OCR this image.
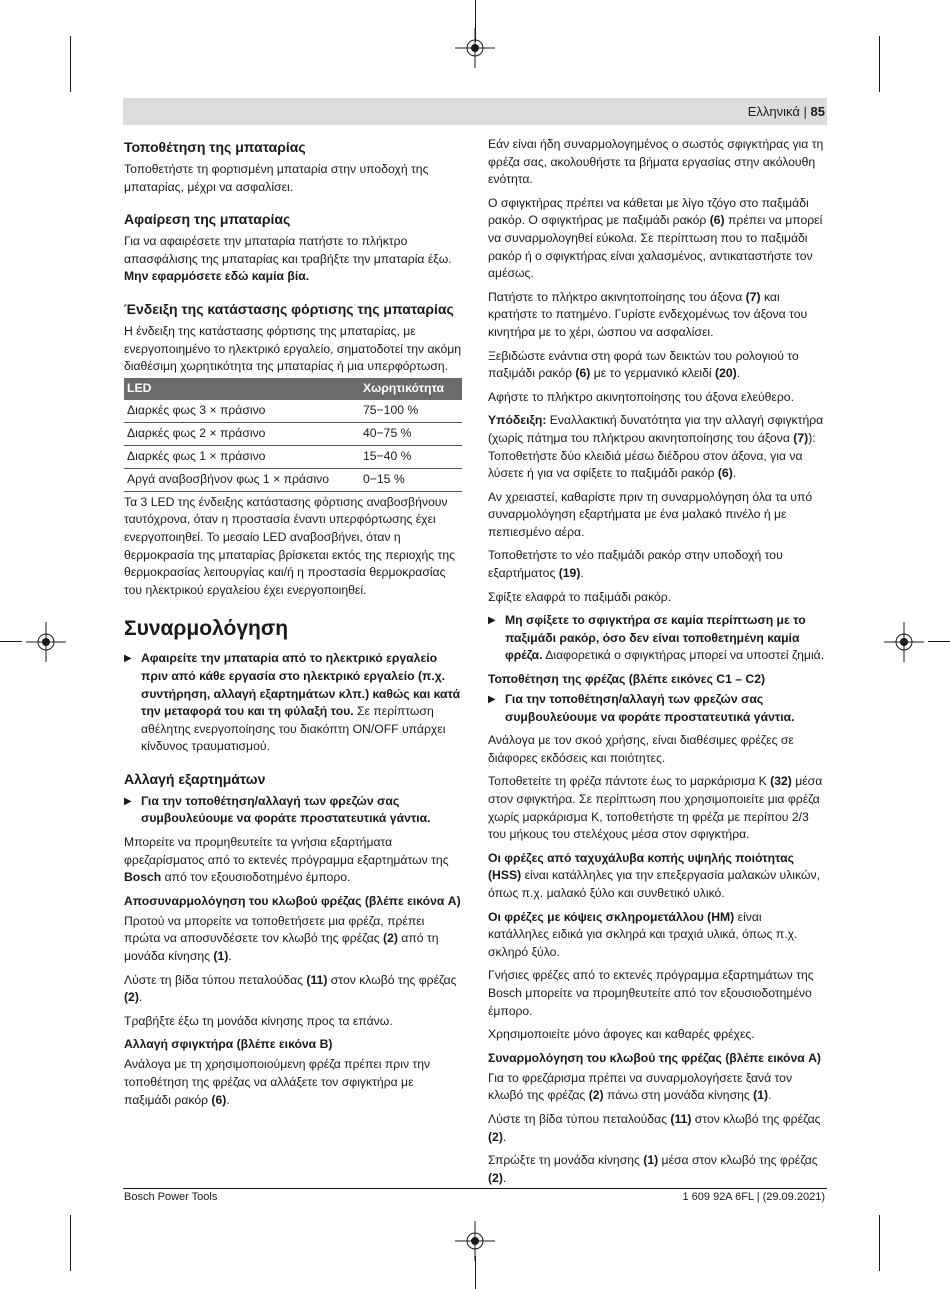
Ελληνικά | 85
Τοποθέτηση της μπαταρίας

Τοποθετήστε τη φορτισμένη μπαταρία στην υποδοχή της μπαταρίας, μέχρι να ασφαλίσει.

Αφαίρεση της μπαταρίας

Για να αφαιρέσετε την μπαταρία πατήστε το πλήκτρο απασφάλισης της μπαταρίας και τραβήξτε την μπαταρία έξω. Μην εφαρμόσετε εδώ καμία βία.

Ένδειξη της κατάστασης φόρτισης της μπαταρίας

Η ένδειξη της κατάστασης φόρτισης της μπαταρίας, με ενεργοποιημένο το ηλεκτρικό εργαλείο, σηματοδοτεί την ακόμη διαθέσιμη χωρητικότητα της μπαταρίας ή μια υπερφόρτωση.

LED	Χωρητικότητα
Διαρκές φως 3 × πράσινο	75−100 %
Διαρκές φως 2 × πράσινο	40−75 %
Διαρκές φως 1 × πράσινο	15−40 %
Αργά αναβοσβήνον φως 1 × πράσινο	0−15 %

Τα 3 LED της ένδειξης κατάστασης φόρτισης αναβοσβήνουν ταυτόχρονα, όταν η προστασία έναντι υπερφόρτωσης έχει ενεργοποιηθεί. Το μεσαίο LED αναβοσβήνει, όταν η θερμοκρασία της μπαταρίας βρίσκεται εκτός της περιοχής της θερμοκρασίας λειτουργίας και/ή η προστασία θερμοκρασίας του ηλεκτρικού εργαλείου έχει ενεργοποιηθεί.

Συναρμολόγηση
▶ Αφαιρείτε την μπαταρία από το ηλεκτρικό εργαλείο πριν από κάθε εργασία στο ηλεκτρικό εργαλείο (π.χ. συντήρηση, αλλαγή εξαρτημάτων κλπ.) καθώς και κατά την μεταφορά του και τη φύλαξή του. Σε περίπτωση αθέλητης ενεργοποίησης του διακόπτη ON/OFF υπάρχει κίνδυνος τραυματισμού.
Αλλαγή εξαρτημάτων
▶ Για την τοποθέτηση/αλλαγή των φρεζών σας συμβουλεύουμε να φοράτε προστατευτικά γάντια.

Μπορείτε να προμηθευτείτε τα γνήσια εξαρτήματα φρεζαρίσματος από το εκτενές πρόγραμμα εξαρτημάτων της Bosch από τον εξουσιοδοτημένο έμπορο.

Αποσυναρμολόγηση του κλωβού φρέζας (βλέπε εικόνα A)

Προτού να μπορείτε να τοποθετήσετε μια φρέζα, πρέπει πρώτα να αποσυνδέσετε τον κλωβό της φρέζας (2) από τη μονάδα κίνησης (1).

Λύστε τη βίδα τύπου πεταλούδας (11) στον κλωβό της φρέζας (2).

Τραβήξτε έξω τη μονάδα κίνησης προς τα επάνω.

Αλλαγή σφιγκτήρα (βλέπε εικόνα B)

Ανάλογα με τη χρησιμοποιούμενη φρέζα πρέπει πριν την τοποθέτηση της φρέζας να αλλάξετε τον σφιγκτήρα με παξιμάδι ρακόρ (6).

Εάν είναι ήδη συναρμολογημένος ο σωστός σφιγκτήρας για τη φρέζα σας, ακολουθήστε τα βήματα εργασίας στην ακόλουθη ενότητα.

Ο σφιγκτήρας πρέπει να κάθεται με λίγο τζόγο στο παξιμάδι ρακόρ. Ο σφιγκτήρας με παξιμάδι ρακόρ (6) πρέπει να μπορεί να συναρμολογηθεί εύκολα. Σε περίπτωση που το παξιμάδι ρακόρ ή ο σφιγκτήρας είναι χαλασμένος, αντικαταστήστε τον αμέσως.

Πατήστε το πλήκτρο ακινητοποίησης του άξονα (7) και κρατήστε το πατημένο. Γυρίστε ενδεχομένως τον άξονα του κινητήρα με το χέρι, ώσπου να ασφαλίσει.

Ξεβιδώστε ενάντια στη φορά των δεικτών του ρολογιού το παξιμάδι ρακόρ (6) με το γερμανικό κλειδί (20).

Αφήστε το πλήκτρο ακινητοποίησης του άξονα ελεύθερο.

Υπόδειξη: Εναλλακτική δυνατότητα για την αλλαγή σφιγκτήρα (χωρίς πάτημα του πλήκτρου ακινητοποίησης του άξονα (7)): Τοποθετήστε δύο κλειδιά μέσω διέδρου στον άξονα, για να λύσετε ή για να σφίξετε το παξιμάδι ρακόρ (6).

Αν χρειαστεί, καθαρίστε πριν τη συναρμολόγηση όλα τα υπό συναρμολόγηση εξαρτήματα με ένα μαλακό πινέλο ή με πεπιεσμένο αέρα.

Τοποθετήστε το νέο παξιμάδι ρακόρ στην υποδοχή του εξαρτήματος (19).

Σφίξτε ελαφρά το παξιμάδι ρακόρ.

▶ Μη σφίξετε το σφιγκτήρα σε καμία περίπτωση με το παξιμάδι ρακόρ, όσο δεν είναι τοποθετημένη καμία φρέζα. Διαφορετικά ο σφιγκτήρας μπορεί να υποστεί ζημιά.
Τοποθέτηση της φρέζας (βλέπε εικόνες C1 – C2)
▶ Για την τοποθέτηση/αλλαγή των φρεζών σας συμβουλεύουμε να φοράτε προστατευτικά γάντια.

Ανάλογα με τον σκοό χρήσης, είναι διαθέσιμες φρέζες σε διάφορες εκδόσεις και ποιότητες.

Τοποθετείτε τη φρέζα πάντοτε έως το μαρκάρισμα K (32) μέσα στον σφιγκτήρα. Σε περίπτωση που χρησιμοποιείτε μια φρέζα χωρίς μαρκάρισμα K, τοποθετήστε τη φρέζα με περίπου 2/3 του μήκους του στελέχους μέσα στον σφιγκτήρα.

Οι φρέζες από ταχυχάλυβα κοπής υψηλής ποιότητας (HSS) είναι κατάλληλες για την επεξεργασία μαλακών υλικών, όπως π.χ. μαλακό ξύλο και συνθετικό υλικό.

Οι φρέζες με κόψεις σκληρομετάλλου (HM) είναι κατάλληλες ειδικά για σκληρά και τραχιά υλικά, όπως π.χ. σκληρό ξύλο.

Γνήσιες φρέζες από το εκτενές πρόγραμμα εξαρτημάτων της Bosch μπορείτε να προμηθευτείτε από τον εξουσιοδοτημένο έμπορο.

Χρησιμοποιείτε μόνο άφογες και καθαρές φρέχες.

Συναρμολόγηση του κλωβού της φρέζας (βλέπε εικόνα A)

Για το φρεζάρισμα πρέπει να συναρμολογήσετε ξανά τον κλωβό της φρέζας (2) πάνω στη μονάδα κίνησης (1).

Λύστε τη βίδα τύπου πεταλούδας (11) στον κλωβό της φρέζας (2).

Σπρώξτε τη μονάδα κίνησης (1) μέσα στον κλωβό της φρέζας (2).

Bosch Power Tools	1 609 92A 6FL | (29.09.2021)
